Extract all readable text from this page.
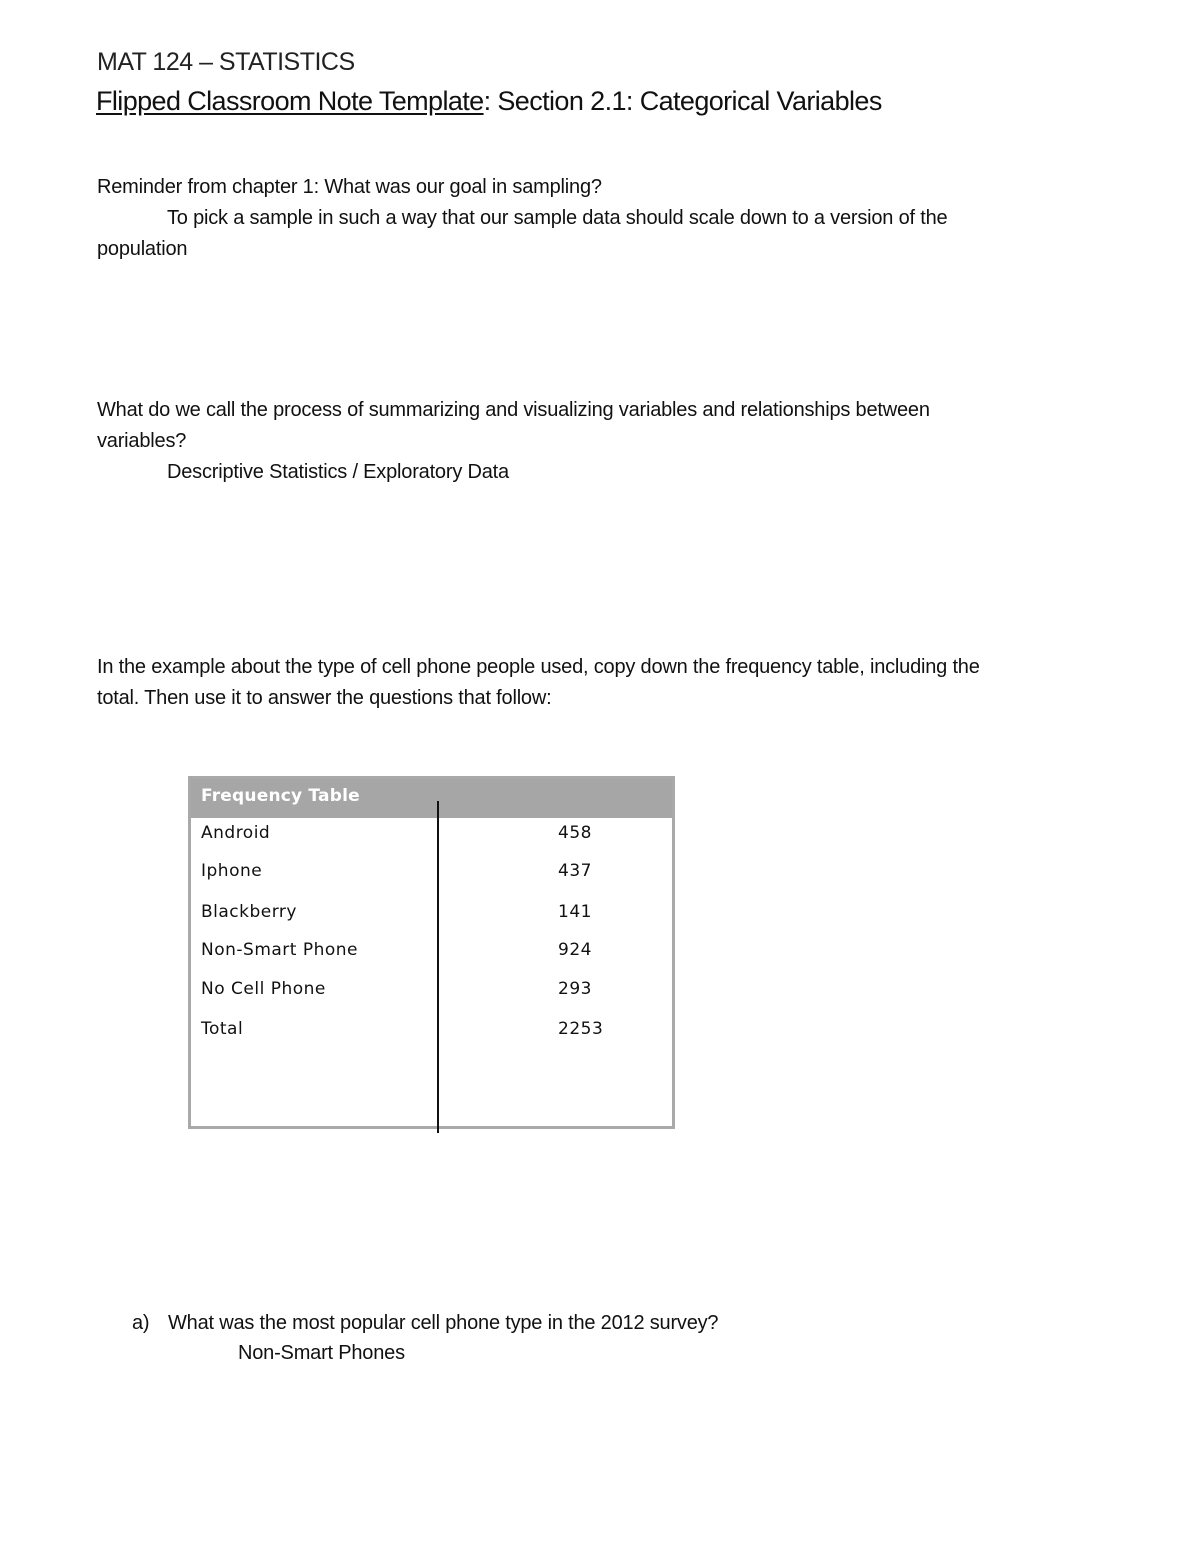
MAT 124 – STATISTICS
Flipped Classroom Note Template: Section 2.1: Categorical Variables
Reminder from chapter 1: What was our goal in sampling?
To pick a sample in such a way that our sample data should scale down to a version of the
population
What do we call the process of summarizing and visualizing variables and relationships between
variables?
Descriptive Statistics / Exploratory Data
In the example about the type of cell phone people used, copy down the frequency table, including the
total. Then use it to answer the questions that follow:
Frequency Table
Android	458
Iphone	437
Blackberry	141
Non-Smart Phone	924
No Cell Phone	293
Total	2253
a) What was the most popular cell phone type in the 2012 survey?
Non-Smart Phones
